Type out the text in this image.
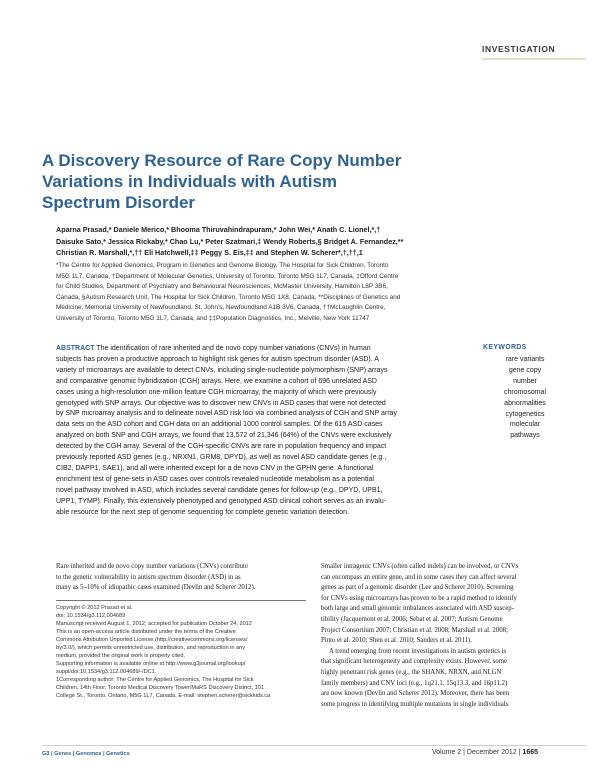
INVESTIGATION
A Discovery Resource of Rare Copy Number
Variations in Individuals with Autism
Spectrum Disorder
Aparna Prasad,* Daniele Merico,* Bhooma Thiruvahindrapuram,* John Wei,* Anath C. Lionel,*,†
Daisuke Sato,* Jessica Rickaby,* Chao Lu,* Peter Szatmari,‡ Wendy Roberts,§ Bridget A. Fernandez,**
Christian R. Marshall,*,†† Eli Hatchwell,‡‡ Peggy S. Eis,‡‡ and Stephen W. Scherer*,†,††,1
*The Centre for Applied Genomics, Program in Genetics and Genome Biology, The Hospital for Sick Children, Toronto
M5G 1L7, Canada, †Department of Molecular Genetics, University of Toronto, Toronto M5G 1L7, Canada, ‡Offord Centre
for Child Studies, Department of Psychiatry and Behavioural Neurosciences, McMaster University, Hamilton L8P 3B6,
Canada, §Autism Research Unit, The Hospital for Sick Children, Toronto M5G 1X8, Canada, **Disciplines of Genetics and
Medicine, Memorial University of Newfoundland, St. John's, Newfoundland A1B 3V6, Canada, ††McLaughlin Centre,
University of Toronto, Toronto M5G 1L7, Canada, and ‡‡Population Diagnostics, Inc., Melville, New York 11747
ABSTRACT The identification of rare inherited and de novo copy number variations (CNVs) in human
subjects has proven a productive approach to highlight risk genes for autism spectrum disorder (ASD). A
variety of microarrays are available to detect CNVs, including single-nucleotide polymorphism (SNP) arrays
and comparative genomic hybridization (CGH) arrays. Here, we examine a cohort of 696 unrelated ASD
cases using a high-resolution one-million feature CGH microarray, the majority of which were previously
genotyped with SNP arrays. Our objective was to discover new CNVs in ASD cases that were not detected
by SNP microarray analysis and to delineate novel ASD risk loci via combined analysis of CGH and SNP array
data sets on the ASD cohort and CGH data on an additional 1000 control samples. Of the 615 ASD cases
analyzed on both SNP and CGH arrays, we found that 13,572 of 21,346 (64%) of the CNVs were exclusively
detected by the CGH array. Several of the CGH-specific CNVs are rare in population frequency and impact
previously reported ASD genes (e.g., NRXN1, GRM8, DPYD), as well as novel ASD candidate genes (e.g.,
CIB2, DAPP1, SAE1), and all were inherited except for a de novo CNV in the GPHN gene. A functional
enrichment test of gene-sets in ASD cases over controls revealed nucleotide metabolism as a potential
novel pathway involved in ASD, which includes several candidate genes for follow-up (e.g., DPYD, UPB1,
UPP1, TYMP). Finally, this extensively phenotyped and genotyped ASD clinical cohort serves as an invalu-
able resource for the next step of genome sequencing for complete genetic variation detection.
KEYWORDS
rare variants
gene copy
number
chromosomal
abnormalities
cytogenetics
molecular
pathways
Rare inherited and de novo copy number variations (CNVs) contribute
to the genetic vulnerability in autism spectrum disorder (ASD) in as
many as 5–10% of idiopathic cases examined (Devlin and Scherer 2012).
Copyright © 2012 Prasad et al.
doi: 10.1534/g3.112.004689
Manuscript received August 1, 2012; accepted for publication October 24, 2012
This is an open-access article distributed under the terms of the Creative
Commons Attribution Unported License (http://creativecommons.org/licenses/
by/3.0/), which permits unrestricted use, distribution, and reproduction in any
medium, provided the original work is properly cited.
Supporting information is available online at http://www.g3journal.org/lookup/
suppl/doi:10.1534/g3.112.004689/-/DC1.
1Corresponding author: The Centre for Applied Genomics, The Hospital for Sick
Children, 14th Floor, Toronto Medical Discovery Tower/MaRS Discovery District, 101
College St., Toronto, Ontario, M5G 1L7, Canada. E-mail: stephen.scherer@sickkids.ca
Smaller intragenic CNVs (often called indels) can be involved, or CNVs
can encompass an entire gene, and in some cases they can affect several
genes as part of a genomic disorder (Lee and Scherer 2010). Screening
for CNVs using microarrays has proven to be a rapid method to identify
both large and small genomic imbalances associated with ASD suscep-
tibility (Jacquemont et al. 2006; Sebat et al. 2007; Autism Genome
Project Consortium 2007; Christian et al. 2008; Marshall et al. 2008;
Pinto et al. 2010; Shen et al. 2010; Sanders et al. 2011).
A trend emerging from recent investigations in autism genetics is
that significant heterogeneity and complexity exists. However, some
highly penetrant risk genes (e.g., the SHANK, NRXN, and NLGN
family members) and CNV loci (e.g., 1q21.1, 15q13.3, and 16p11.2)
are now known (Devlin and Scherer 2012). Moreover, there has been
some progress in identifying multiple mutations in single individuals
G3 | Genes | Genomes | Genetics	Volume 2 | December 2012 | 1665
